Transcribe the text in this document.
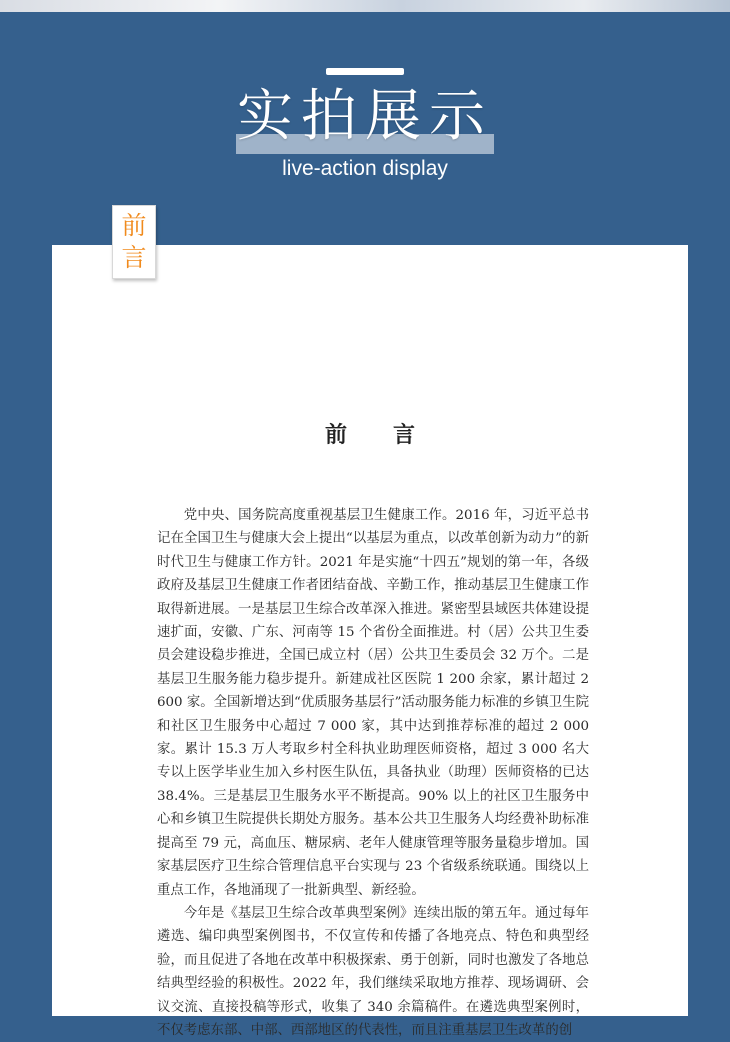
实拍展示
live-action display
前
言
前言

党中央、国务院高度重视基层卫生健康工作。2016 年，习近平总书记在全国卫生与健康大会上提出“以基层为重点，以改革创新为动力”的新时代卫生与健康工作方针。2021 年是实施“十四五”规划的第一年，各级政府及基层卫生健康工作者团结奋战、辛勤工作，推动基层卫生健康工作取得新进展。一是基层卫生综合改革深入推进。紧密型县域医共体建设提速扩面，安徽、广东、河南等 15 个省份全面推进。村（居）公共卫生委员会建设稳步推进，全国已成立村（居）公共卫生委员会 32 万个。二是基层卫生服务能力稳步提升。新建成社区医院 1 200 余家，累计超过 2 600 家。全国新增达到“优质服务基层行”活动服务能力标准的乡镇卫生院和社区卫生服务中心超过 7 000 家，其中达到推荐标准的超过 2 000 家。累计 15.3 万人考取乡村全科执业助理医师资格，超过 3 000 名大专以上医学毕业生加入乡村医生队伍，具备执业（助理）医师资格的已达 38.4%。三是基层卫生服务水平不断提高。90% 以上的社区卫生服务中心和乡镇卫生院提供长期处方服务。基本公共卫生服务人均经费补助标准提高至 79 元，高血压、糖尿病、老年人健康管理等服务量稳步增加。国家基层医疗卫生综合管理信息平台实现与 23 个省级系统联通。围绕以上重点工作，各地涌现了一批新典型、新经验。

今年是《基层卫生综合改革典型案例》连续出版的第五年。通过每年遴选、编印典型案例图书，不仅宣传和传播了各地亮点、特色和典型经验，而且促进了各地在改革中积极探索、勇于创新，同时也激发了各地总结典型经验的积极性。2022 年，我们继续采取地方推荐、现场调研、会议交流、直接投稿等形式，收集了 340 余篇稿件。在遴选典型案例时，不仅考虑东部、中部、西部地区的代表性，而且注重基层卫生改革的创
